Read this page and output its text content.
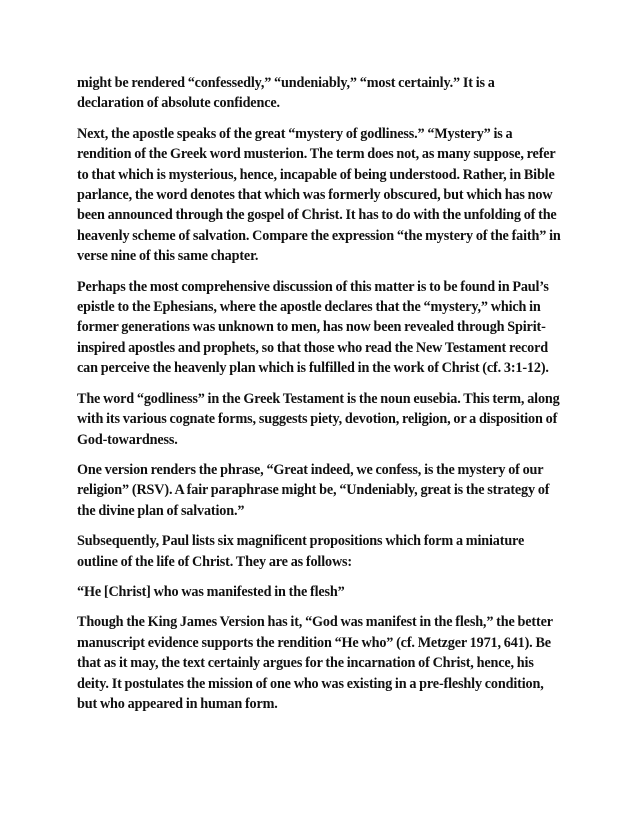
might be rendered “confessedly,” “undeniably,” “most certainly.” It is a declaration of absolute confidence.

Next, the apostle speaks of the great “mystery of godliness.” “Mystery” is a rendition of the Greek word musterion. The term does not, as many suppose, refer to that which is mysterious, hence, incapable of being understood. Rather, in Bible parlance, the word denotes that which was formerly obscured, but which has now been announced through the gospel of Christ. It has to do with the unfolding of the heavenly scheme of salvation. Compare the expression “the mystery of the faith” in verse nine of this same chapter.

Perhaps the most comprehensive discussion of this matter is to be found in Paul’s epistle to the Ephesians, where the apostle declares that the “mystery,” which in former generations was unknown to men, has now been revealed through Spirit-inspired apostles and prophets, so that those who read the New Testament record can perceive the heavenly plan which is fulfilled in the work of Christ (cf. 3:1-12).

The word “godliness” in the Greek Testament is the noun eusebia. This term, along with its various cognate forms, suggests piety, devotion, religion, or a disposition of God-towardness.

One version renders the phrase, “Great indeed, we confess, is the mystery of our religion” (RSV). A fair paraphrase might be, “Undeniably, great is the strategy of the divine plan of salvation.”

Subsequently, Paul lists six magnificent propositions which form a miniature outline of the life of Christ. They are as follows:

“He [Christ] who was manifested in the flesh”

Though the King James Version has it, “God was manifest in the flesh,” the better manuscript evidence supports the rendition “He who” (cf. Metzger 1971, 641). Be that as it may, the text certainly argues for the incarnation of Christ, hence, his deity. It postulates the mission of one who was existing in a pre-fleshly condition, but who appeared in human form.
